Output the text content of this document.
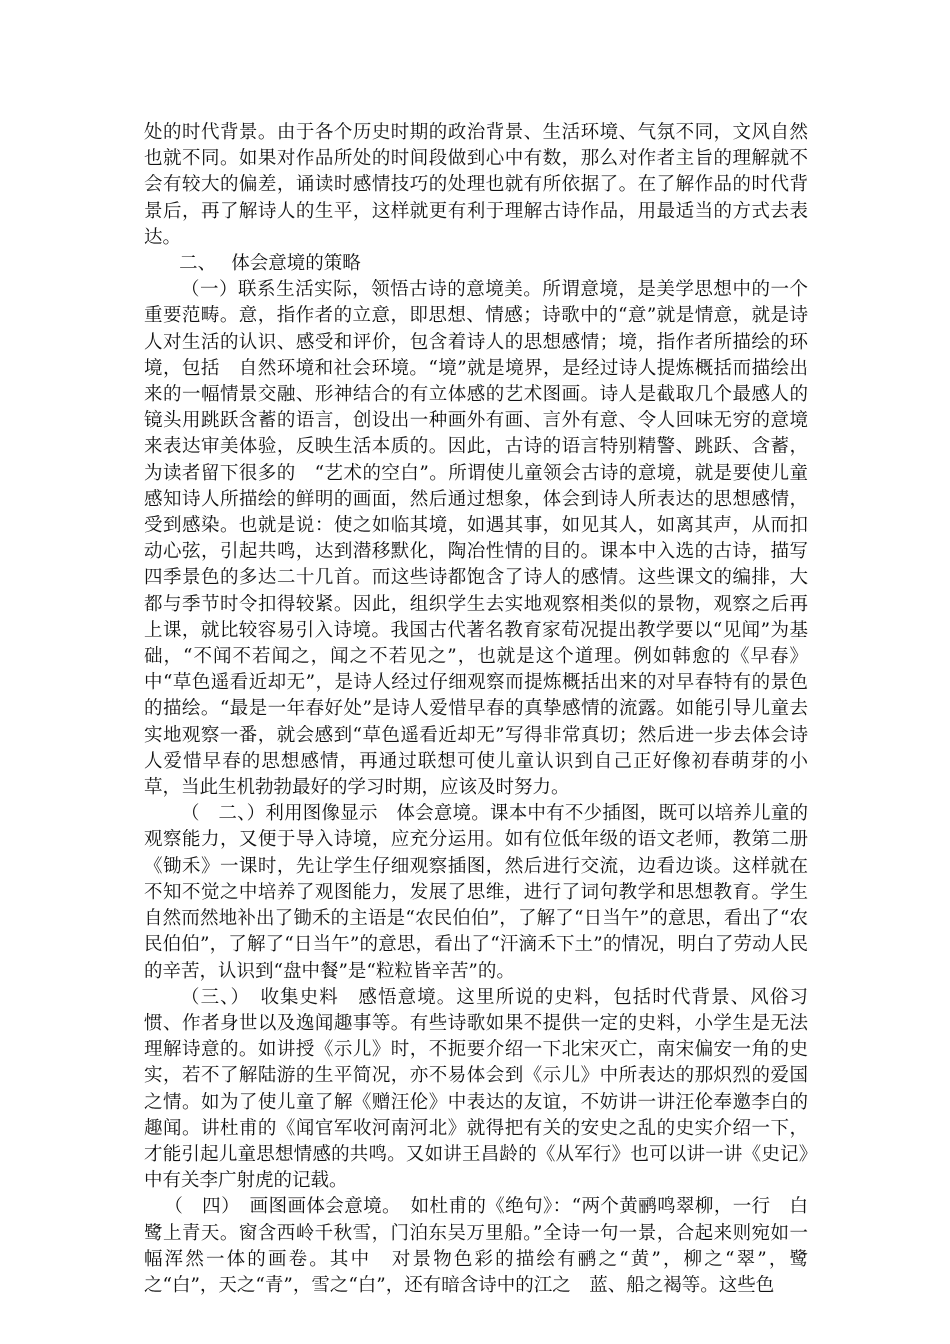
处的时代背景。由于各个历史时期的政治背景、生活环境、气氛不同，文风自然也就不同。如果对作品所处的时间段做到心中有数，那么对作者主旨的理解就不会有较大的偏差，诵读时感情技巧的处理也就有所依据了。在了解作品的时代背景后，再了解诗人的生平，这样就更有利于理解古诗作品，用最适当的方式去表达。

二、　 体会意境的策略

（一）联系生活实际，领悟古诗的意境美。所谓意境，是美学思想中的一个重要范畴。意，指作者的立意，即思想、情感；诗歌中的“意”就是情意，就是诗人对生活的认识、感受和评价，包含着诗人的思想感情；境，指作者所描绘的环境，包括　自然环境和社会环境。“境”就是境界，是经过诗人提炼概括而描绘出来的一幅情景交融、形神结合的有立体感的艺术图画。诗人是截取几个最感人的镜头用跳跃含蓄的语言，创设出一种画外有画、言外有意、令人回味无穷的意境来表达审美体验，反映生活本质的。因此，古诗的语言特别精警、跳跃、含蓄，为读者留下很多的　“艺术的空白”。所谓使儿童领会古诗的意境，就是要使儿童感知诗人所描绘的鲜明的画面，然后通过想象，体会到诗人所表达的思想感情，受到感染。也就是说：使之如临其境，如遇其事，如见其人，如离其声，从而扣动心弦，引起共鸣，达到潜移默化，陶冶性情的目的。课本中入选的古诗，描写四季景色的多达二十几首。而这些诗都饱含了诗人的感情。这些课文的编排，大都与季节时令扣得较紧。因此，组织学生去实地观察相类似的景物，观察之后再上课，就比较容易引入诗境。我国古代著名教育家荀况提出教学要以“见闻”为基础，“不闻不若闻之，闻之不若见之”，也就是这个道理。例如韩愈的《早春》中“草色遥看近却无”，是诗人经过仔细观察而提炼概括出来的对早春特有的景色的描绘。“最是一年春好处”是诗人爱惜早春的真挚感情的流露。如能引导儿童去实地观察一番，就会感到“草色遥看近却无”写得非常真切；然后进一步去体会诗人爱惜早春的思想感情，再通过联想可使儿童认识到自己正好像初春萌芽的小草，当此生机勃勃最好的学习时期，应该及时努力。

（　二、）利用图像显示　体会意境。课本中有不少插图，既可以培养儿童的观察能力，又便于导入诗境，应充分运用。如有位低年级的语文老师，教第二册《锄禾》一课时，先让学生仔细观察插图，然后进行交流，边看边谈。这样就在不知不觉之中培养了观图能力，发展了思维，进行了词句教学和思想教育。学生自然而然地补出了锄禾的主语是“农民伯伯”，了解了“日当午”的意思，看出了“农民伯伯”，了解了“日当午”的意思，看出了“汗滴禾下土”的情况，明白了劳动人民的辛苦，认识到“盘中餐”是“粒粒皆辛苦”的。

（三、）　收集史料　感悟意境。这里所说的史料，包括时代背景、风俗习惯、作者身世以及逸闻趣事等。有些诗歌如果不提供一定的史料，小学生是无法理解诗意的。如讲授《示儿》时，不扼要介绍一下北宋灭亡，南宋偏安一角的史实，若不了解陆游的生平简况，亦不易体会到《示儿》中所表达的那炽烈的爱国之情。如为了使儿童了解《赠汪伦》中表达的友谊，不妨讲一讲汪伦奉邀李白的趣闻。讲杜甫的《闻官军收河南河北》就得把有关的安史之乱的史实介绍一下，才能引起儿童思想情感的共鸣。又如讲王昌龄的《从军行》也可以讲一讲《史记》中有关李广射虎的记载。

（　四）　画图画体会意境。　如杜甫的《绝句》：“两个黄鹂鸣翠柳，一行　白鹭上青天。窗含西岭千秋雪，门泊东吴万里船。”全诗一句一景，合起来则宛如一幅浑然一体的画卷。其中　对景物色彩的描绘有鹂之“黄”，柳之“翠”，鹭之“白”，天之“青”，雪之“白”，还有暗含诗中的江之　蓝、船之褐等。这些色
